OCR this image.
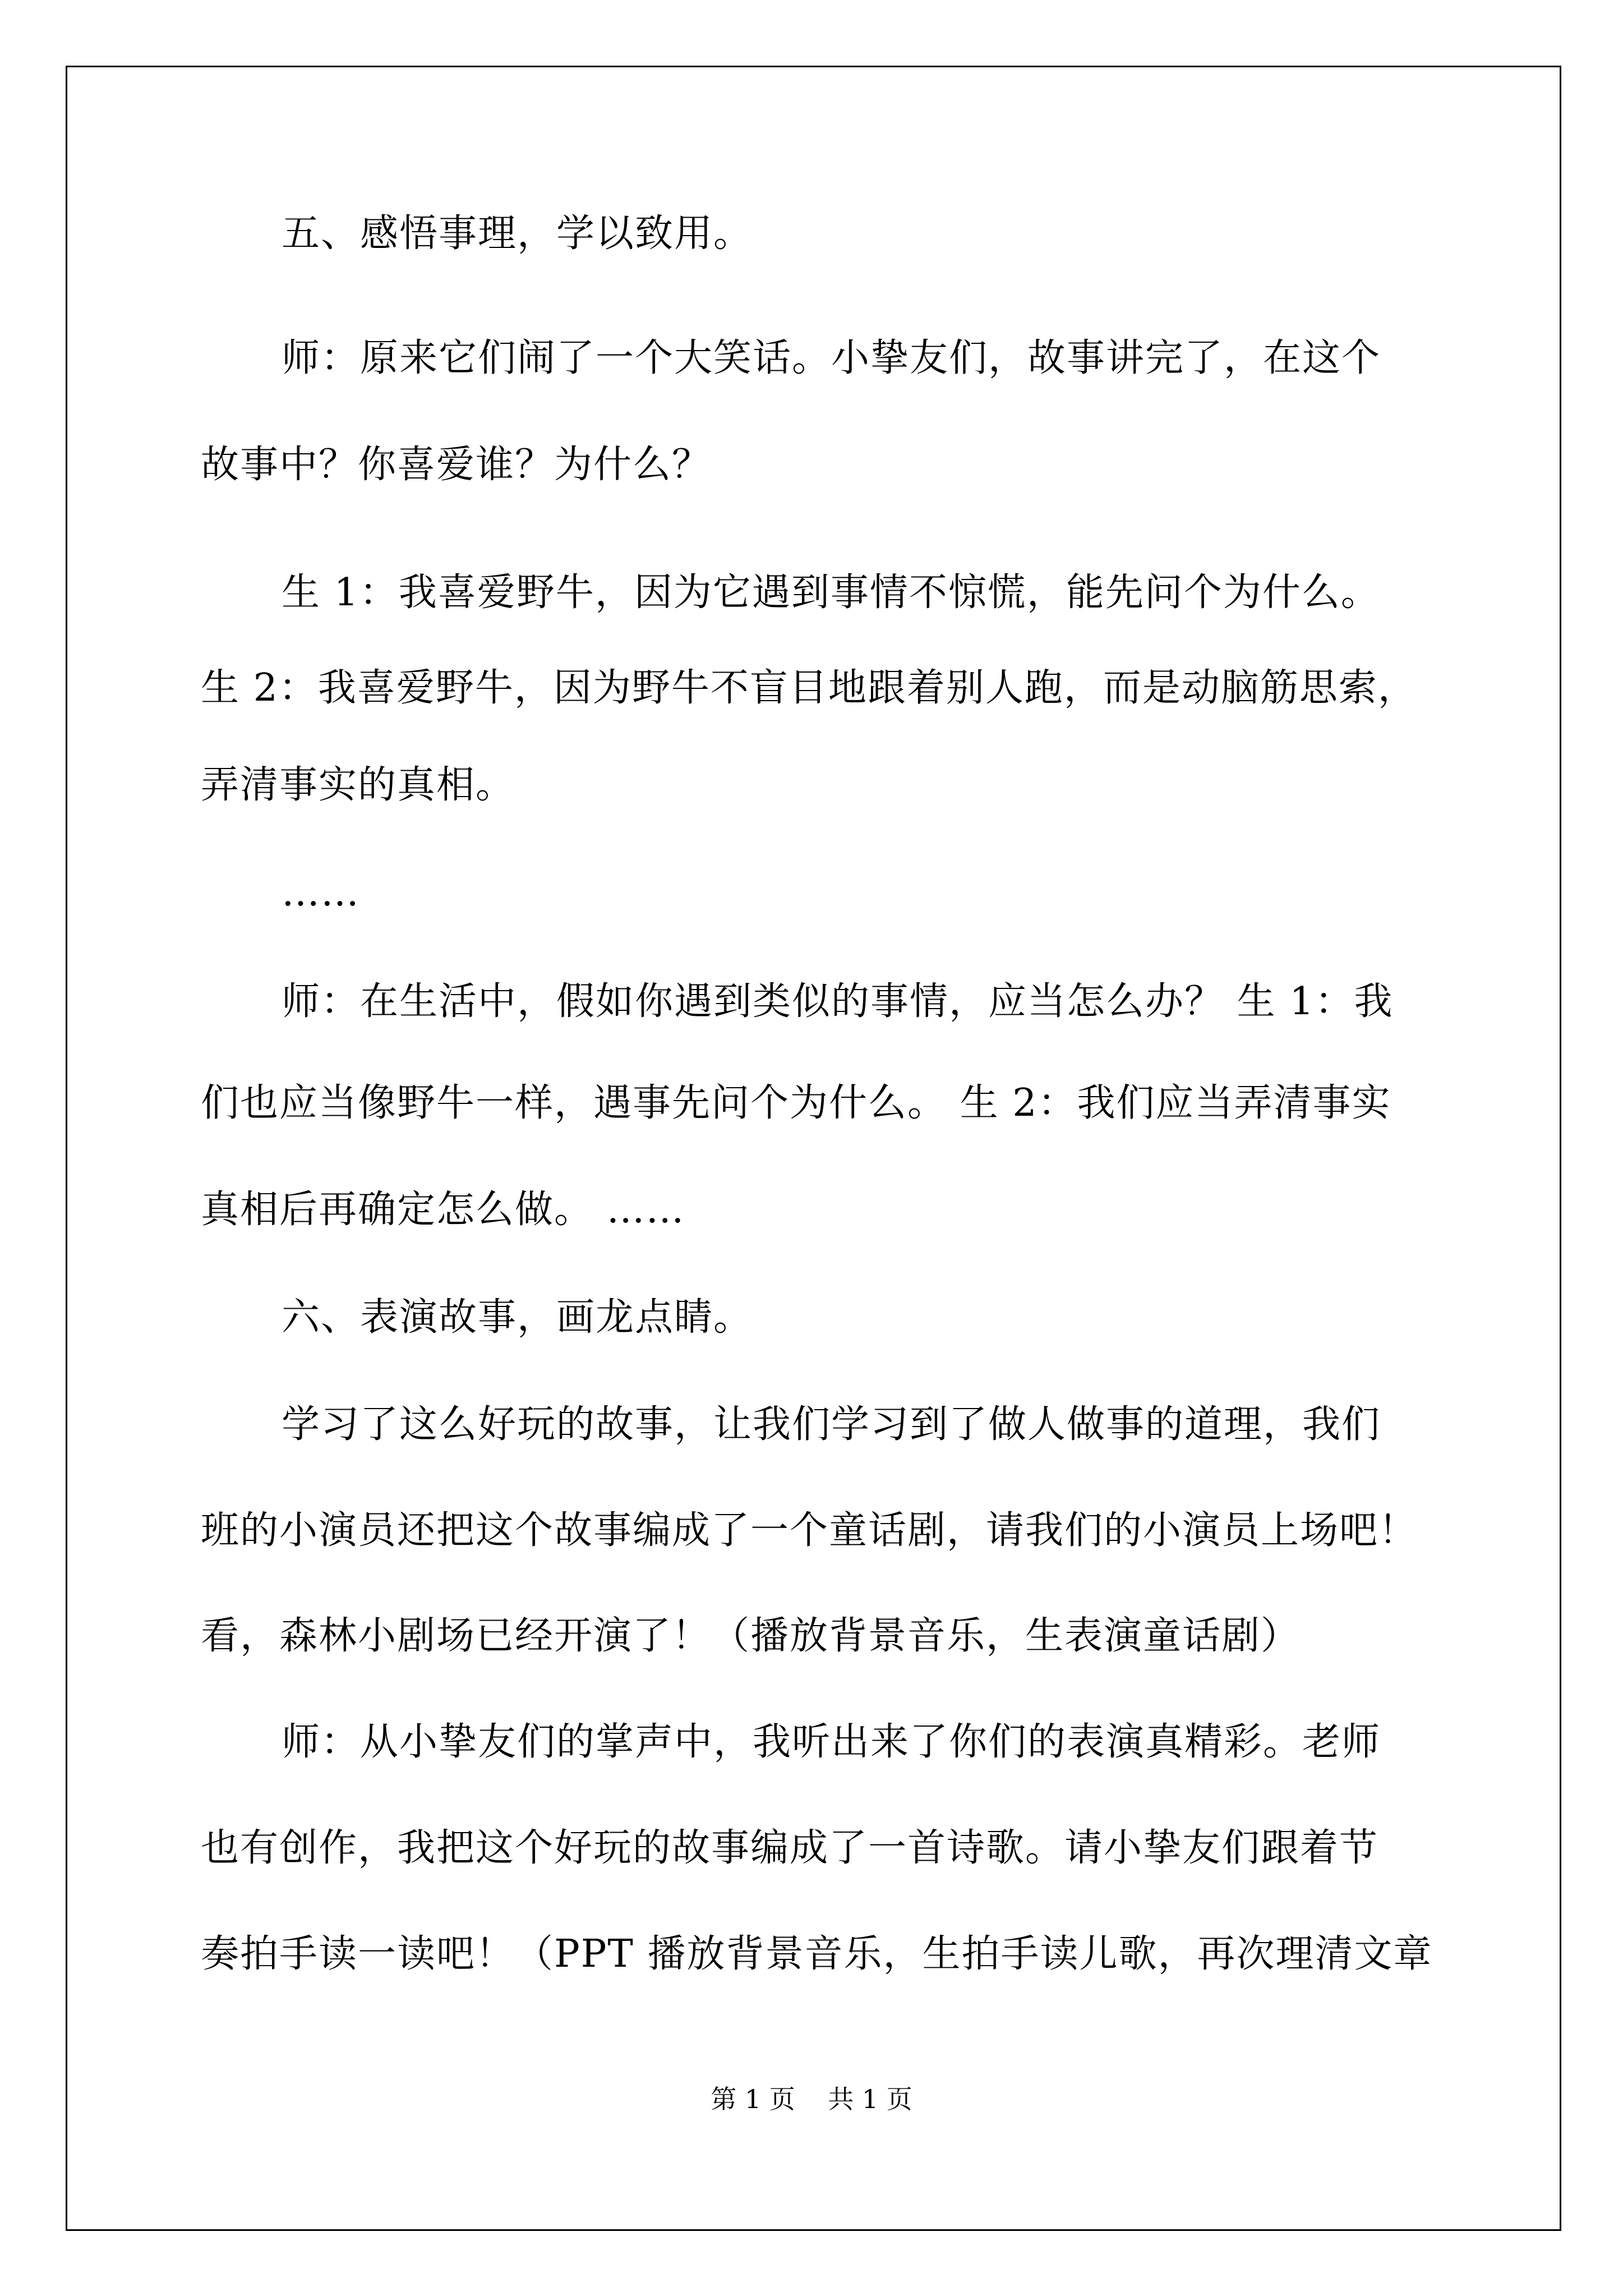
五、感悟事理，学以致用。
师：原来它们闹了一个大笑话。小挚友们，故事讲完了，在这个
故事中？你喜爱谁？为什么？
生 1：我喜爱野牛，因为它遇到事情不惊慌，能先问个为什么。
生 2：我喜爱野牛，因为野牛不盲目地跟着别人跑，而是动脑筋思索，
弄清事实的真相。
……
师：在生活中，假如你遇到类似的事情，应当怎么办？ 生 1：我
们也应当像野牛一样，遇事先问个为什么。 生 2：我们应当弄清事实
真相后再确定怎么做。 ……
六、表演故事，画龙点睛。
学习了这么好玩的故事，让我们学习到了做人做事的道理，我们
班的小演员还把这个故事编成了一个童话剧，请我们的小演员上场吧！
看，森林小剧场已经开演了！（播放背景音乐，生表演童话剧）
师：从小挚友们的掌声中，我听出来了你们的表演真精彩。老师
也有创作，我把这个好玩的故事编成了一首诗歌。请小挚友们跟着节
奏拍手读一读吧！（PPT 播放背景音乐，生拍手读儿歌，再次理清文章
第 1 页    共 1 页
